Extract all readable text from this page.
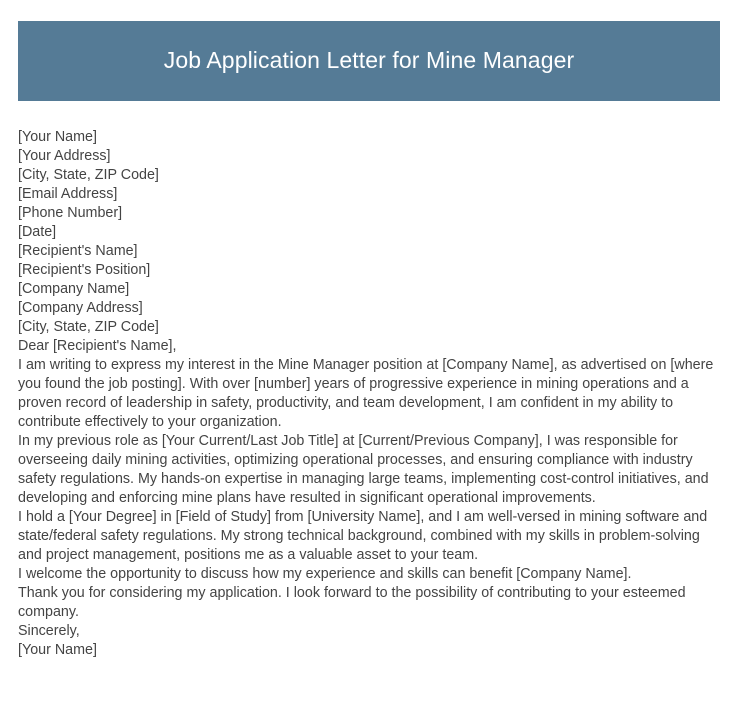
Job Application Letter for Mine Manager
[Your Name]
[Your Address]
[City, State, ZIP Code]
[Email Address]
[Phone Number]
[Date]
[Recipient's Name]
[Recipient's Position]
[Company Name]
[Company Address]
[City, State, ZIP Code]
Dear [Recipient's Name],

I am writing to express my interest in the Mine Manager position at [Company Name], as advertised on [where you found the job posting]. With over [number] years of progressive experience in mining operations and a proven record of leadership in safety, productivity, and team development, I am confident in my ability to contribute effectively to your organization.

In my previous role as [Your Current/Last Job Title] at [Current/Previous Company], I was responsible for overseeing daily mining activities, optimizing operational processes, and ensuring compliance with industry safety regulations. My hands-on expertise in managing large teams, implementing cost-control initiatives, and developing and enforcing mine plans have resulted in significant operational improvements.

I hold a [Your Degree] in [Field of Study] from [University Name], and I am well-versed in mining software and state/federal safety regulations. My strong technical background, combined with my skills in problem-solving and project management, positions me as a valuable asset to your team.

I welcome the opportunity to discuss how my experience and skills can benefit [Company Name].

Thank you for considering my application. I look forward to the possibility of contributing to your esteemed company.

Sincerely,
[Your Name]
